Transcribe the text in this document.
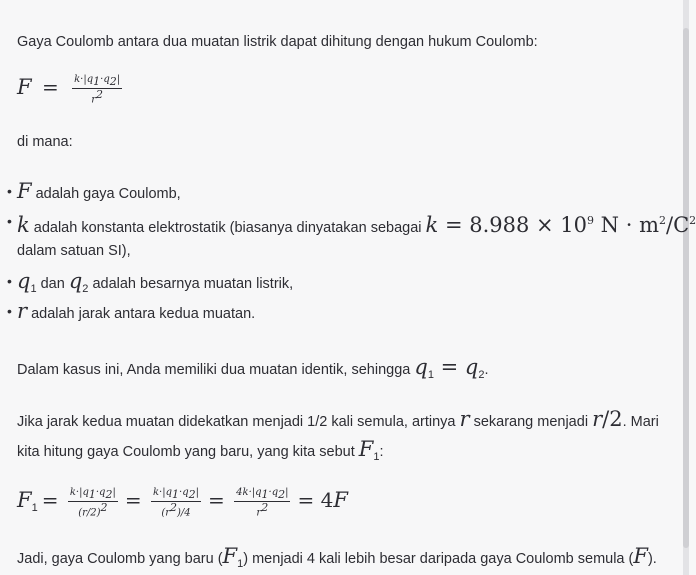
Gaya Coulomb antara dua muatan listrik dapat dihitung dengan hukum Coulomb:
$F = \frac{k\cdot|q_1\cdot q_2|}{r^2}$
di mana:
• F adalah gaya Coulomb,
• k adalah konstanta elektrostatik (biasanya dinyatakan sebagai $k = 8.988 \times 10^9$ $N \cdot m^2/C^2$
dalam satuan SI),
• $q_1$ dan $q_2$ adalah besarnya muatan listrik,
• r adalah jarak antara kedua muatan.
Dalam kasus ini, Anda memiliki dua muatan identik, sehingga $q_1 = q_2$.
Jika jarak kedua muatan didekatkan menjadi 1/2 kali semula, artinya r sekarang menjadi r/2. Mari
kita hitung gaya Coulomb yang baru, yang kita sebut $F_1$:
$F_1 = \frac{k\cdot|q_1\cdot q_2|}{(r/2)^2} = \frac{k\cdot|q_1\cdot q_2|}{(r^2)/4} = \frac{4k\cdot|q_1\cdot q_2|}{r^2} = 4F$
Jadi, gaya Coulomb yang baru $(F_1)$ menjadi 4 kali lebih besar daripada gaya Coulomb semula (F).
